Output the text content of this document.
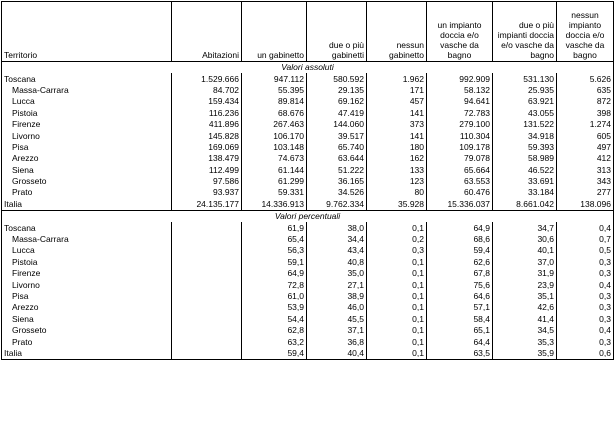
Territorio	Abitazioni	un gabinetto	due o più gabinetti	nessun gabinetto	un impianto doccia e/o vasche da bagno	due o più impianti doccia e/o vasche da bagno	nessun impianto doccia e/o vasche da bagno
Valori assoluti							
Toscana	1.529.666	947.112	580.592	1.962	992.909	531.130	5.626
Massa-Carrara	84.702	55.395	29.135	171	58.132	25.935	635
Lucca	159.434	89.814	69.162	457	94.641	63.921	872
Pistoia	116.236	68.676	47.419	141	72.783	43.055	398
Firenze	411.896	267.463	144.060	373	279.100	131.522	1.274
Livorno	145.828	106.170	39.517	141	110.304	34.918	605
Pisa	169.069	103.148	65.740	180	109.178	59.393	497
Arezzo	138.479	74.673	63.644	162	79.078	58.989	412
Siena	112.499	61.144	51.222	133	65.664	46.522	313
Grosseto	97.586	61.299	36.165	123	63.553	33.691	343
Prato	93.937	59.331	34.526	80	60.476	33.184	277
Italia	24.135.177	14.336.913	9.762.334	35.928	15.336.037	8.661.042	138.096
Valori percentuali							
Toscana		61,9	38,0	0,1	64,9	34,7	0,4
Massa-Carrara		65,4	34,4	0,2	68,6	30,6	0,7
Lucca		56,3	43,4	0,3	59,4	40,1	0,5
Pistoia		59,1	40,8	0,1	62,6	37,0	0,3
Firenze		64,9	35,0	0,1	67,8	31,9	0,3
Livorno		72,8	27,1	0,1	75,6	23,9	0,4
Pisa		61,0	38,9	0,1	64,6	35,1	0,3
Arezzo		53,9	46,0	0,1	57,1	42,6	0,3
Siena		54,4	45,5	0,1	58,4	41,4	0,3
Grosseto		62,8	37,1	0,1	65,1	34,5	0,4
Prato		63,2	36,8	0,1	64,4	35,3	0,3
Italia		59,4	40,4	0,1	63,5	35,9	0,6
